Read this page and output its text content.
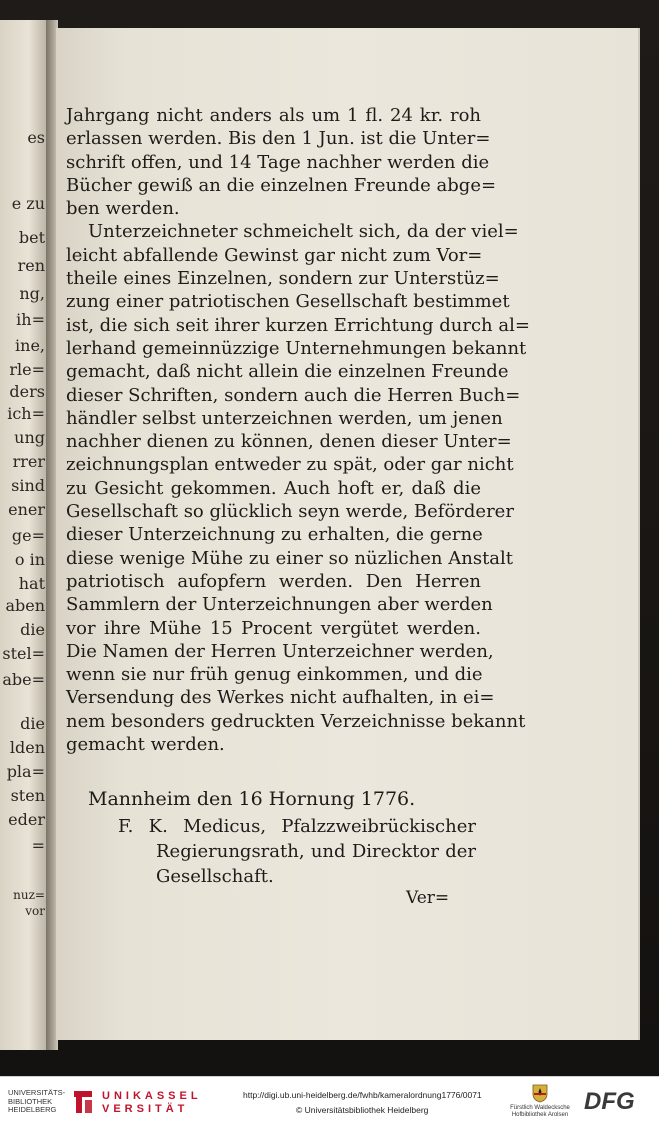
es
e zu
bet
ren
ng,
ih=
ine,
rle=
ders
ich=
ung
rrer
sind
ener
ge=
o in
hat
aben
die
stel=
abe=
die
lden
pla=
sten
eder
=
nuz=
vor
Jahrgang nicht anders als um 1 fl. 24 kr. roh
erlassen werden. Bis den 1 Jun. ist die Unter=
schrift offen, und 14 Tage nachher werden die
Bücher gewiß an die einzelnen Freunde abge=
ben werden.
Unterzeichneter schmeichelt sich, da der viel=
leicht abfallende Gewinst gar nicht zum Vor=
theile eines Einzelnen, sondern zur Unterstüz=
zung einer patriotischen Gesellschaft bestimmet
ist, die sich seit ihrer kurzen Errichtung durch al=
lerhand gemeinnüzzige Unternehmungen bekannt
gemacht, daß nicht allein die einzelnen Freunde
dieser Schriften, sondern auch die Herren Buch=
händler selbst unterzeichnen werden, um jenen
nachher dienen zu können, denen dieser Unter=
zeichnungsplan entweder zu spät, oder gar nicht
zu Gesicht gekommen. Auch hoft er, daß die
Gesellschaft so glücklich seyn werde, Beförderer
dieser Unterzeichnung zu erhalten, die gerne
diese wenige Mühe zu einer so nüzlichen Anstalt
patriotisch aufopfern werden. Den Herren
Sammlern der Unterzeichnungen aber werden
vor ihre Mühe 15 Procent vergütet werden.
Die Namen der Herren Unterzeichner werden,
wenn sie nur früh genug einkommen, und die
Versendung des Werkes nicht aufhalten, in ei=
nem besonders gedruckten Verzeichnisse bekannt
gemacht werden.
Mannheim den 16 Hornung 1776.
F. K. Medicus, Pfalzzweibrückischer
Regierungsrath, und Direcktor der
Gesellschaft.
Ver=
UNIVERSITÄTS-BIBLIOTHEK HEIDELBERG
UNIKASSEL
VERSITÄT
http://digi.ub.uni-heidelberg.de/fwhb/kameralordnung1776/0071
© Universitätsbibliothek Heidelberg	Fürstlich Waldecksche Hofbibliothek Arolsen DFG
